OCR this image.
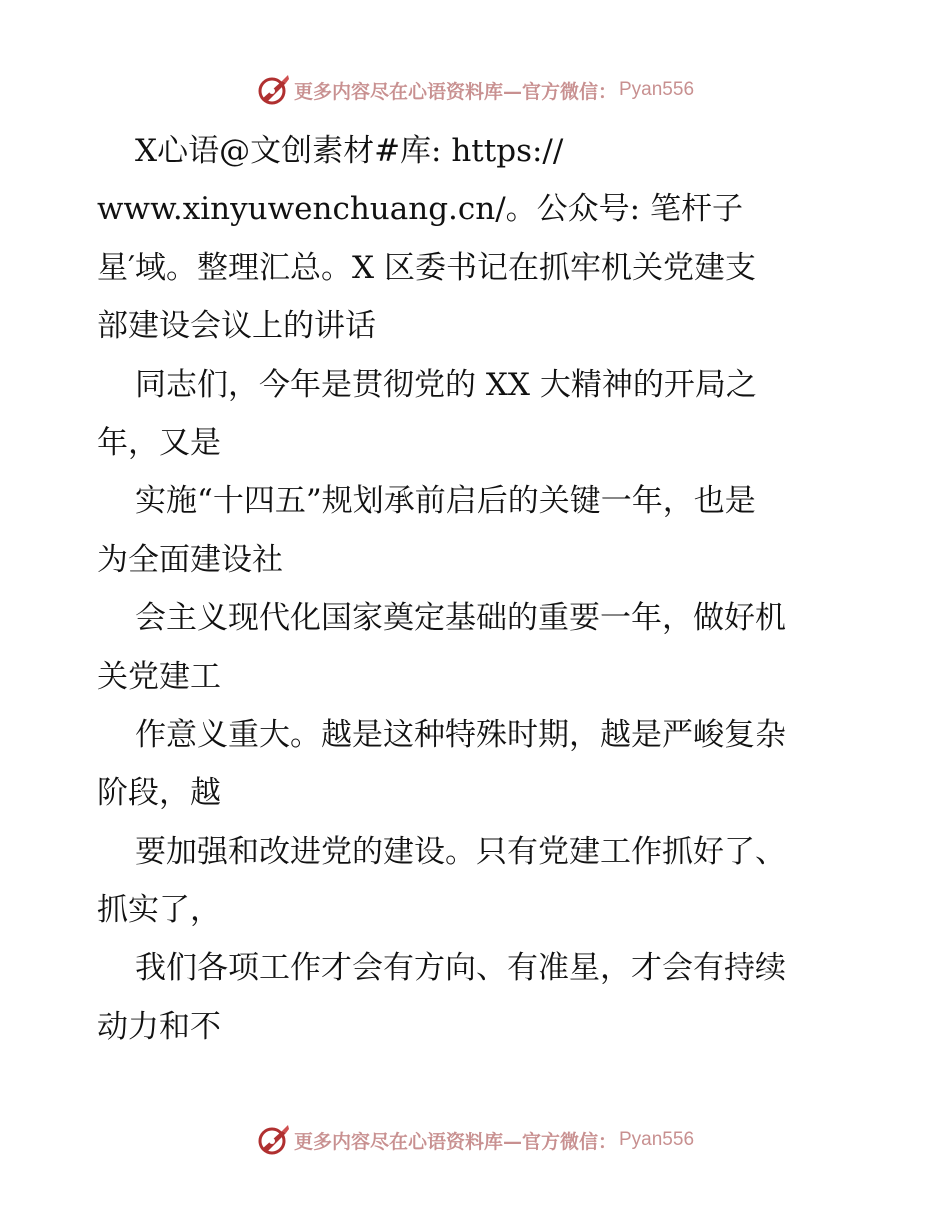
更多内容尽在心语资料库—官方微信： Pyan556
X心语@文创素材#库: https://
www.xinyuwenchuang.cn/。公众号: 笔杆子
星′域。整理汇总。X 区委书记在抓牢机关党建支
部建设会议上的讲话
同志们，今年是贯彻党的 XX 大精神的开局之
年，又是
实施“十四五”规划承前启后的关键一年，也是
为全面建设社
会主义现代化国家奠定基础的重要一年，做好机
关党建工
作意义重大。越是这种特殊时期，越是严峻复杂
阶段，越
要加强和改进党的建设。只有党建工作抓好了、
抓实了，
我们各项工作才会有方向、有准星，才会有持续
动力和不
更多内容尽在心语资料库—官方微信： Pyan556
